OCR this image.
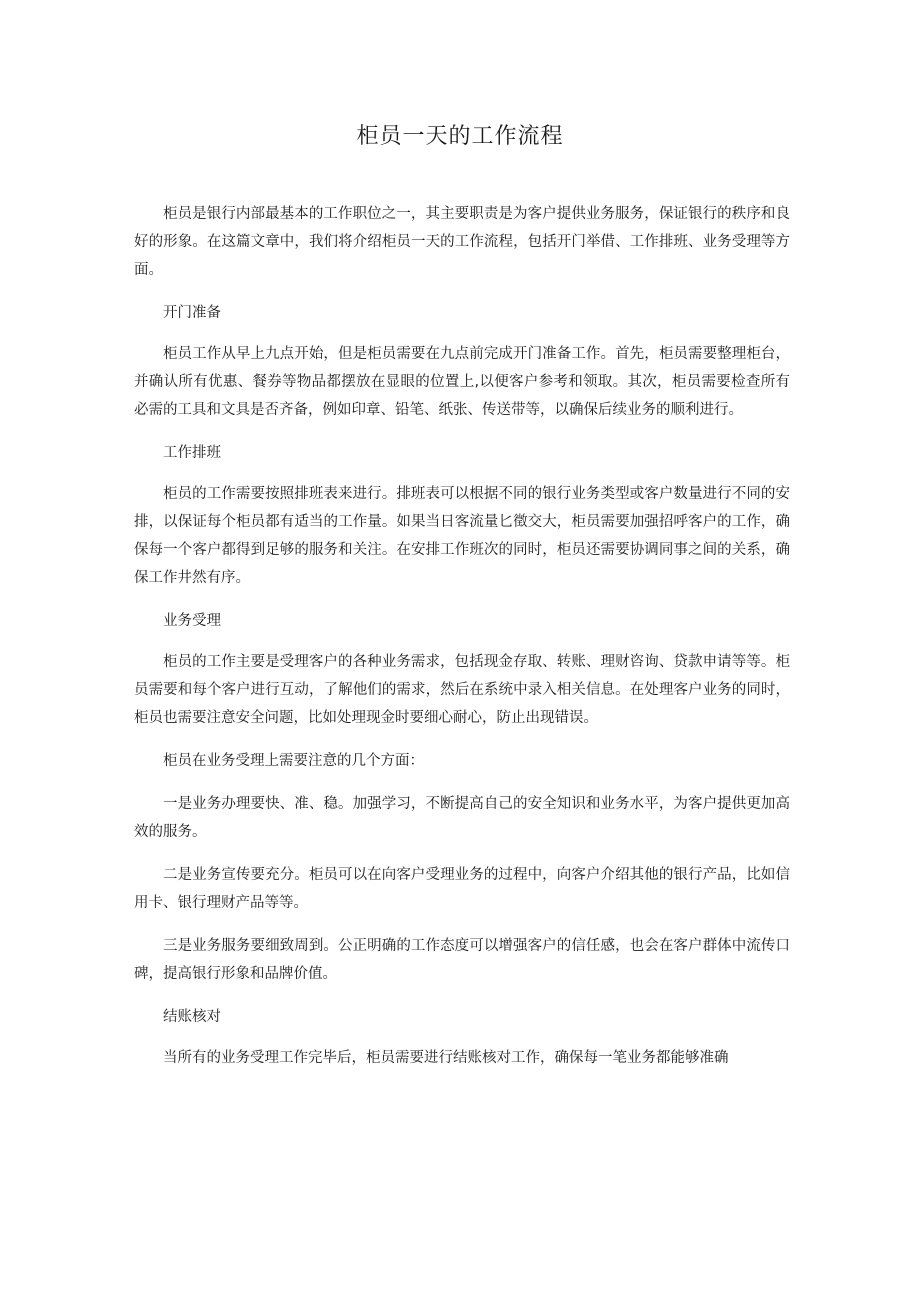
柜员一天的工作流程

柜员是银行内部最基本的工作职位之一，其主要职责是为客户提供业务服务，保证银行的秩序和良好的形象。在这篇文章中，我们将介绍柜员一天的工作流程，包括开门举借、工作排班、业务受理等方面。

开门准备

柜员工作从早上九点开始，但是柜员需要在九点前完成开门准备工作。首先，柜员需要整理柜台，并确认所有优惠、餐券等物品都摆放在显眼的位置上,以便客户参考和领取。其次，柜员需要检查所有必需的工具和文具是否齐备，例如印章、铅笔、纸张、传送带等，以确保后续业务的顺利进行。

工作排班

柜员的工作需要按照排班表来进行。排班表可以根据不同的银行业务类型或客户数量进行不同的安排，以保证每个柜员都有适当的工作量。如果当日客流量匕徵交大，柜员需要加强招呼客户的工作，确保每一个客户都得到足够的服务和关注。在安排工作班次的同时，柜员还需要协调同事之间的关系，确保工作井然有序。

业务受理

柜员的工作主要是受理客户的各种业务需求，包括现金存取、转账、理财咨询、贷款申请等等。柜员需要和每个客户进行互动，了解他们的需求，然后在系统中录入相关信息。在处理客户业务的同时，柜员也需要注意安全问题，比如处理现金时要细心耐心，防止出现错误。

柜员在业务受理上需要注意的几个方面：

一是业务办理要快、准、稳。加强学习，不断提高自己的安全知识和业务水平，为客户提供更加高效的服务。

二是业务宣传要充分。柜员可以在向客户受理业务的过程中，向客户介绍其他的银行产品，比如信用卡、银行理财产品等等。

三是业务服务要细致周到。公正明确的工作态度可以增强客户的信任感，也会在客户群体中流传口碑，提高银行形象和品牌价值。

结账核对

当所有的业务受理工作完毕后，柜员需要进行结账核对工作，确保每一笔业务都能够准确
